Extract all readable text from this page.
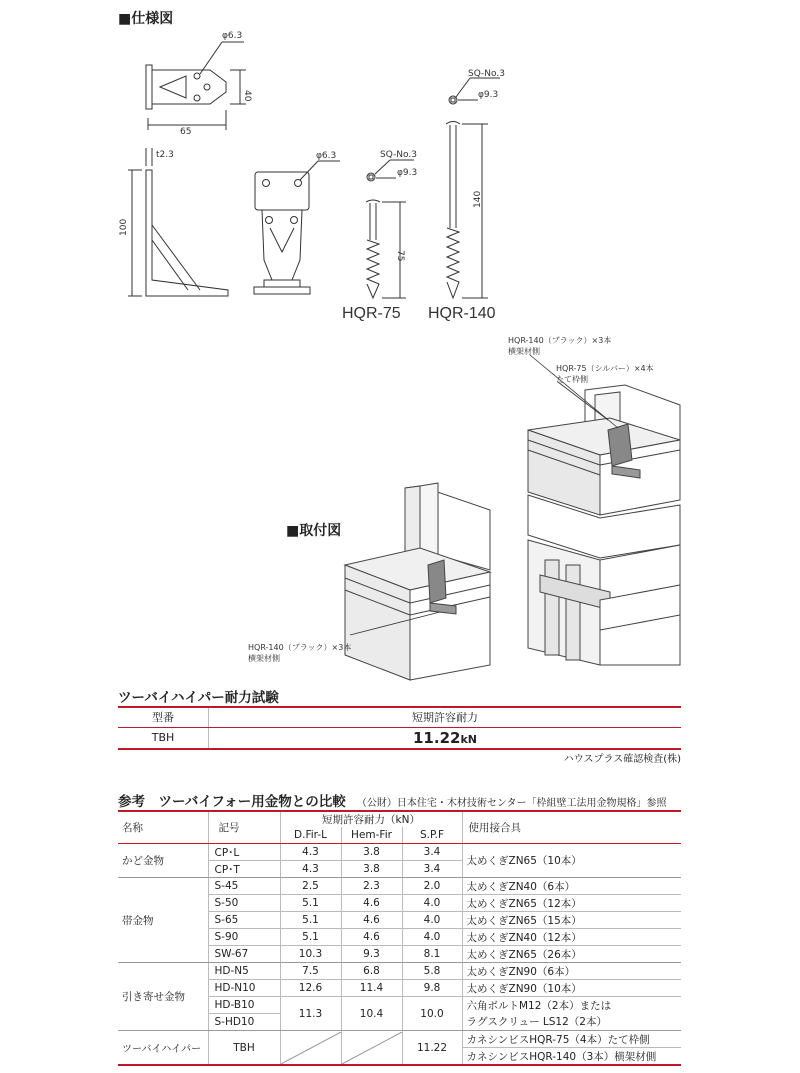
■仕様図
φ6.3
65
40
t2.3
100
φ6.3	SQ-No.3
φ9.3
75
HQR-75
SQ-No.3
φ9.3
140
HQR-140
HQR-140（ブラック）×3本
横架材側
HQR-75（シルバー）×4本
たて枠側
HQR-140（ブラック）×3本
横架材側
■取付図
ツーバイハイパー耐力試験
型番	短期許容耐力
TBH	11.22kN
ハウスプラス確認検査(株)
参考　ツーバイフォー用金物との比較 （公財）日本住宅・木材技術センター「枠組壁工法用金物規格」参照
名称	記号	短期許容耐力（kN）			使用接合具
		D.Fir-L	Hem-Fir	S.P.F	
かど金物	CP･L	4.3	3.8	3.4	太めくぎZN65（10本）
	CP･T	4.3	3.8	3.4	
帯金物	S-45	2.5	2.3	2.0	太めくぎZN40（6本）
	S-50	5.1	4.6	4.0	太めくぎZN65（12本）
	S-65	5.1	4.6	4.0	太めくぎZN65（15本）
	S-90	5.1	4.6	4.0	太めくぎZN40（12本）
	SW-67	10.3	9.3	8.1	太めくぎZN65（26本）
引き寄せ金物	HD-N5	7.5	6.8	5.8	太めくぎZN90（6本）
	HD-N10	12.6	11.4	9.8	太めくぎZN90（10本）
	HD-B10	11.3	10.4	10.0	六角ボルトM12（2本）または
	S-HD10				ラグスクリュー LS12（2本）
ツーバイハイパー	TBH			11.22	カネシンビスHQR-75（4本）たて枠側
					カネシンビスHQR-140（3本）横架材側
